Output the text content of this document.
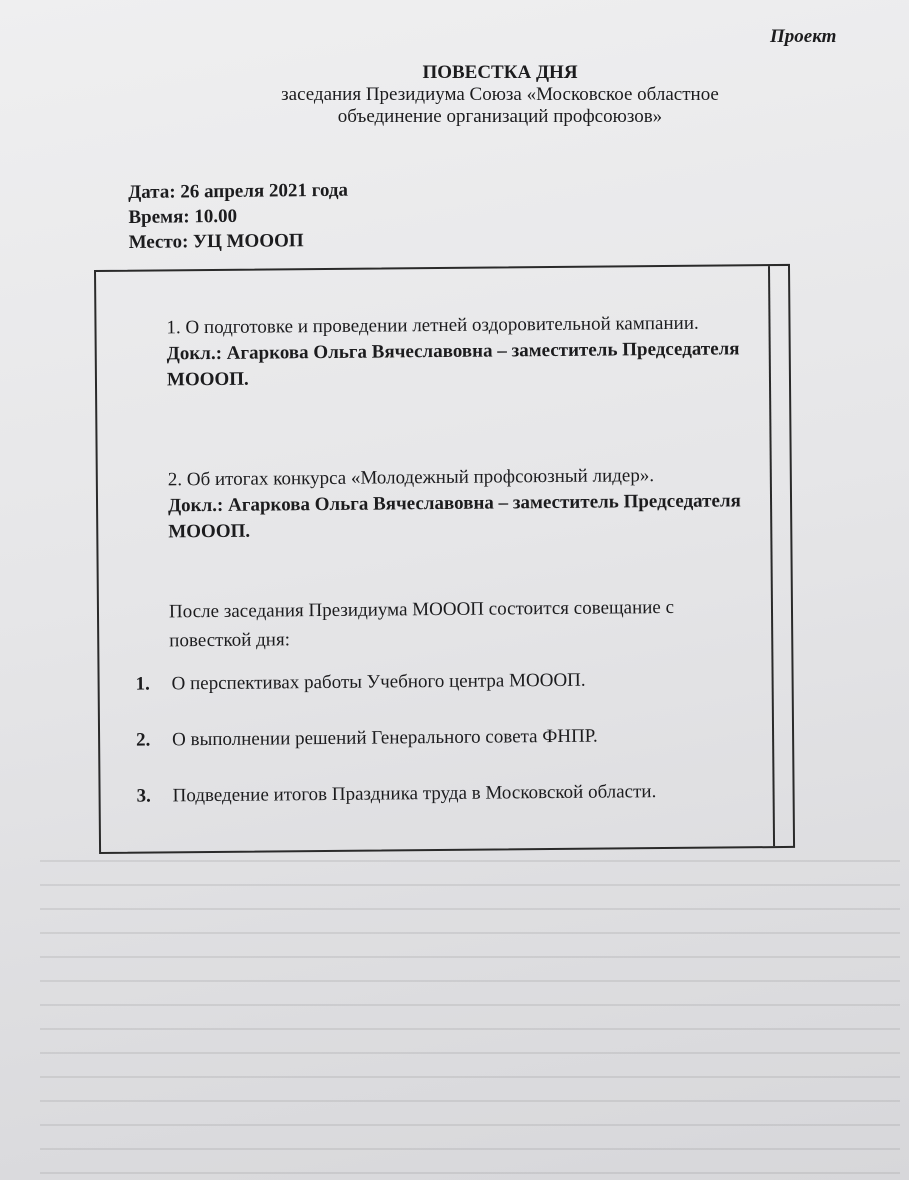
Проект
ПОВЕСТКА ДНЯ
заседания Президиума Союза «Московское областное
объединение организаций профсоюзов»
Дата: 26 апреля 2021 года
Время: 10.00
Место: УЦ МОООП
1. О подготовке и проведении летней оздоровительной кампании.
Докл.: Агаркова Ольга Вячеславовна – заместитель Председателя МОООП.
2. Об итогах конкурса «Молодежный профсоюзный лидер».
Докл.: Агаркова Ольга Вячеславовна – заместитель Председателя МОООП.
После заседания Президиума МОООП состоится совещание с повесткой дня:
1.	О перспективах работы Учебного центра МОООП.
2.	О выполнении решений Генерального совета ФНПР.
3.	Подведение итогов Праздника труда в Московской области.
